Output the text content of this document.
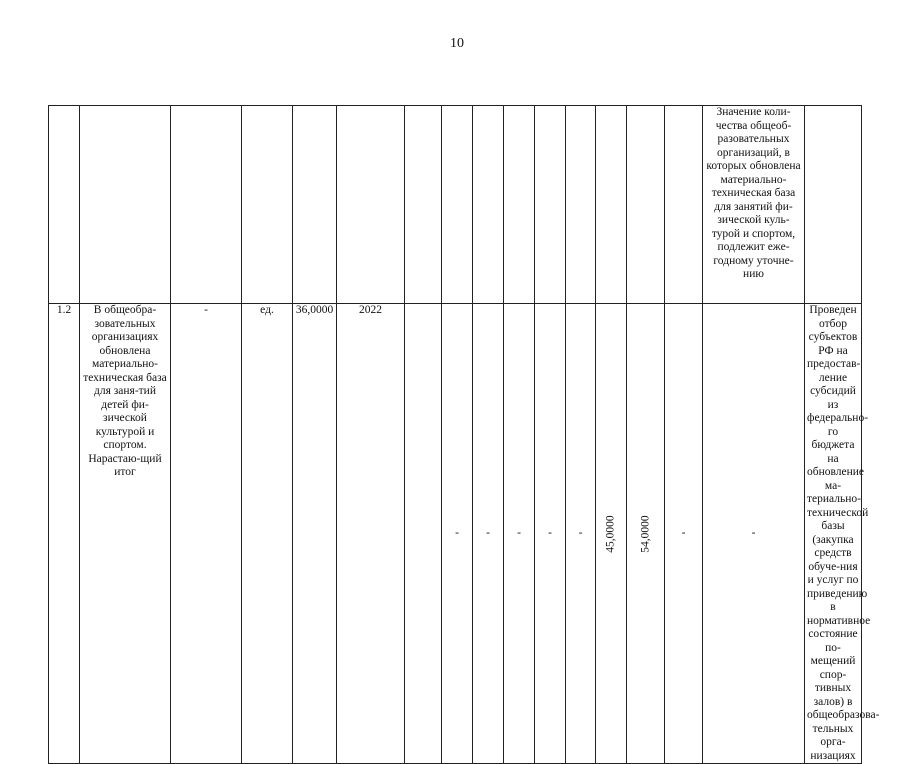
10
															Значение коли-чества общеоб-разовательных организаций, в которых обновлена материально-техническая база для занятий фи-зической куль-турой и спортом, подлежит еже-годному уточне-нию		
1.2	В общеобра-зовательных организациях обновлена материально-техническая база для заня-тий детей фи-зической культурой и спортом. Нарастаю-щий итог	-	ед.	36,0000	2022		-	-	-	-	-	45,0000	54,0000	-	-	Проведен отбор субъектов РФ на предостав-ление субсидий из федерально-го бюджета на обновление ма-териально-технической базы (закупка средств обуче-ния и услуг по приведению в нормативное состояние по-мещений спор-тивных залов) в общеобразова-тельных орга-низациях	
